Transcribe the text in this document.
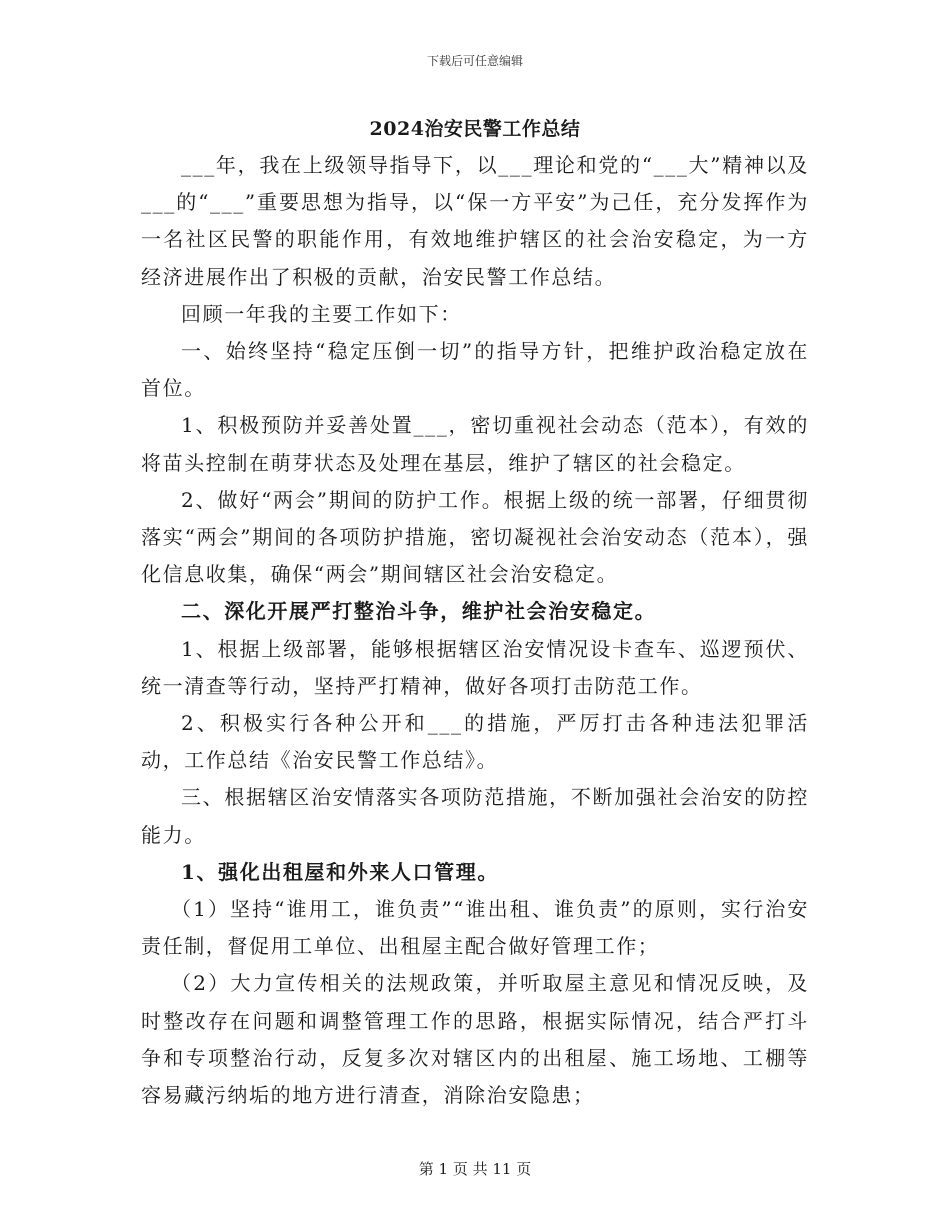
下载后可任意编辑
2024治安民警工作总结

___年，我在上级领导指导下，以___理论和党的“___大”精神以及___的“___”重要思想为指导，以“保一方平安”为己任，充分发挥作为一名社区民警的职能作用，有效地维护辖区的社会治安稳定，为一方经济进展作出了积极的贡献，治安民警工作总结。

回顾一年我的主要工作如下：

一、始终坚持“稳定压倒一切”的指导方针，把维护政治稳定放在首位。

1、积极预防并妥善处置___，密切重视社会动态（范本），有效的将苗头控制在萌芽状态及处理在基层，维护了辖区的社会稳定。

2、做好“两会”期间的防护工作。根据上级的统一部署，仔细贯彻落实“两会”期间的各项防护措施，密切凝视社会治安动态（范本），强化信息收集，确保“两会”期间辖区社会治安稳定。

二、深化开展严打整治斗争，维护社会治安稳定。

1、根据上级部署，能够根据辖区治安情况设卡查车、巡逻预伏、统一清查等行动，坚持严打精神，做好各项打击防范工作。

2、积极实行各种公开和___的措施，严厉打击各种违法犯罪活动，工作总结《治安民警工作总结》。

三、根据辖区治安情落实各项防范措施，不断加强社会治安的防控能力。

1、强化出租屋和外来人口管理。

（1）坚持“谁用工，谁负责”“谁出租、谁负责”的原则，实行治安责任制，督促用工单位、出租屋主配合做好管理工作；

（2）大力宣传相关的法规政策，并听取屋主意见和情况反映，及时整改存在问题和调整管理工作的思路，根据实际情况，结合严打斗争和专项整治行动，反复多次对辖区内的出租屋、施工场地、工棚等容易藏污纳垢的地方进行清查，消除治安隐患；

第 1 页 共 11 页
